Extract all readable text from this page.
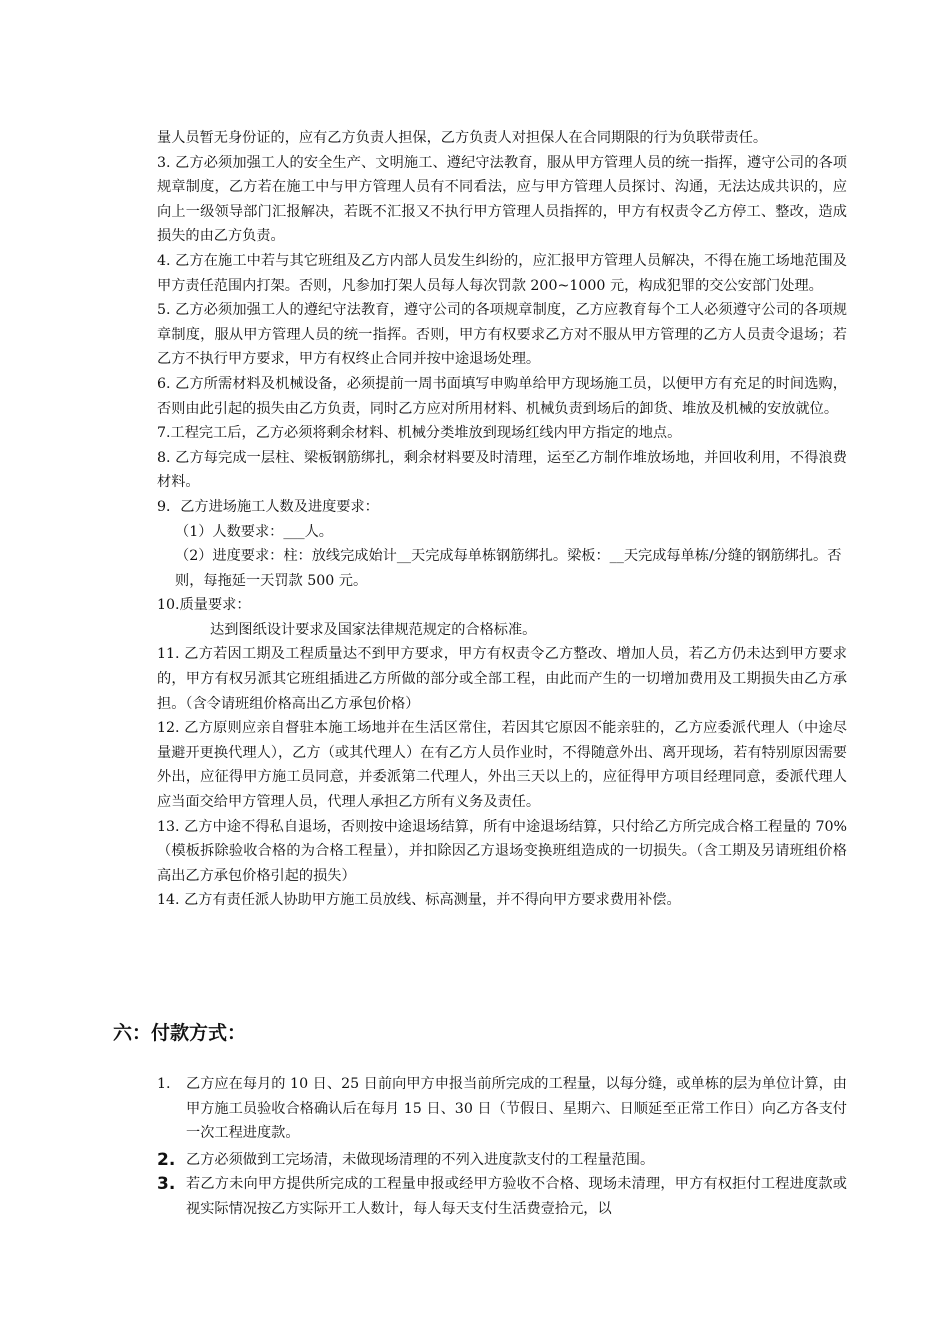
量人员暂无身份证的，应有乙方负责人担保，乙方负责人对担保人在合同期限的行为负联带责任。

3. 乙方必须加强工人的安全生产、文明施工、遵纪守法教育，服从甲方管理人员的统一指挥，遵守公司的各项规章制度，乙方若在施工中与甲方管理人员有不同看法，应与甲方管理人员探讨、沟通，无法达成共识的，应向上一级领导部门汇报解决，若既不汇报又不执行甲方管理人员指挥的，甲方有权责令乙方停工、整改，造成损失的由乙方负责。

4. 乙方在施工中若与其它班组及乙方内部人员发生纠纷的，应汇报甲方管理人员解决，不得在施工场地范围及甲方责任范围内打架。否则，凡参加打架人员每人每次罚款 200~1000 元，构成犯罪的交公安部门处理。

5. 乙方必须加强工人的遵纪守法教育，遵守公司的各项规章制度，乙方应教育每个工人必须遵守公司的各项规章制度，服从甲方管理人员的统一指挥。否则，甲方有权要求乙方对不服从甲方管理的乙方人员责令退场；若乙方不执行甲方要求，甲方有权终止合同并按中途退场处理。

6. 乙方所需材料及机械设备，必须提前一周书面填写申购单给甲方现场施工员，以便甲方有充足的时间选购，否则由此引起的损失由乙方负责，同时乙方应对所用材料、机械负责到场后的卸货、堆放及机械的安放就位。

7.工程完工后，乙方必须将剩余材料、机械分类堆放到现场红线内甲方指定的地点。

8. 乙方每完成一层柱、梁板钢筋绑扎，剩余材料要及时清理，运至乙方制作堆放场地，并回收利用，不得浪费材料。

9．乙方进场施工人数及进度要求：

（1）人数要求：___人。

（2）进度要求：柱：放线完成始计__天完成每单栋钢筋绑扎。梁板：__天完成每单栋/分缝的钢筋绑扎。否则，每拖延一天罚款 500 元。

10.质量要求：

达到图纸设计要求及国家法律规范规定的合格标准。

11. 乙方若因工期及工程质量达不到甲方要求，甲方有权责令乙方整改、增加人员，若乙方仍未达到甲方要求的，甲方有权另派其它班组插进乙方所做的部分或全部工程，由此而产生的一切增加费用及工期损失由乙方承担。（含令请班组价格高出乙方承包价格）

12. 乙方原则应亲自督驻本施工场地并在生活区常住，若因其它原因不能亲驻的，乙方应委派代理人（中途尽量避开更换代理人），乙方（或其代理人）在有乙方人员作业时，不得随意外出、离开现场，若有特别原因需要外出，应征得甲方施工员同意，并委派第二代理人，外出三天以上的，应征得甲方项目经理同意，委派代理人应当面交给甲方管理人员，代理人承担乙方所有义务及责任。

13. 乙方中途不得私自退场，否则按中途退场结算，所有中途退场结算，只付给乙方所完成合格工程量的 70%（模板拆除验收合格的为合格工程量），并扣除因乙方退场变换班组造成的一切损失。（含工期及另请班组价格高出乙方承包价格引起的损失）

14. 乙方有责任派人协助甲方施工员放线、标高测量，并不得向甲方要求费用补偿。

六：付款方式：
1. 乙方应在每月的 10 日、25 日前向甲方申报当前所完成的工程量，以每分缝，或单栋的层为单位计算，由甲方施工员验收合格确认后在每月 15 日、30 日（节假日、星期六、日顺延至正常工作日）向乙方各支付一次工程进度款。

2. 乙方必须做到工完场清，未做现场清理的不列入进度款支付的工程量范围。

3. 若乙方未向甲方提供所完成的工程量申报或经甲方验收不合格、现场未清理，甲方有权拒付工程进度款或视实际情况按乙方实际开工人数计，每人每天支付生活费壹拾元，以
